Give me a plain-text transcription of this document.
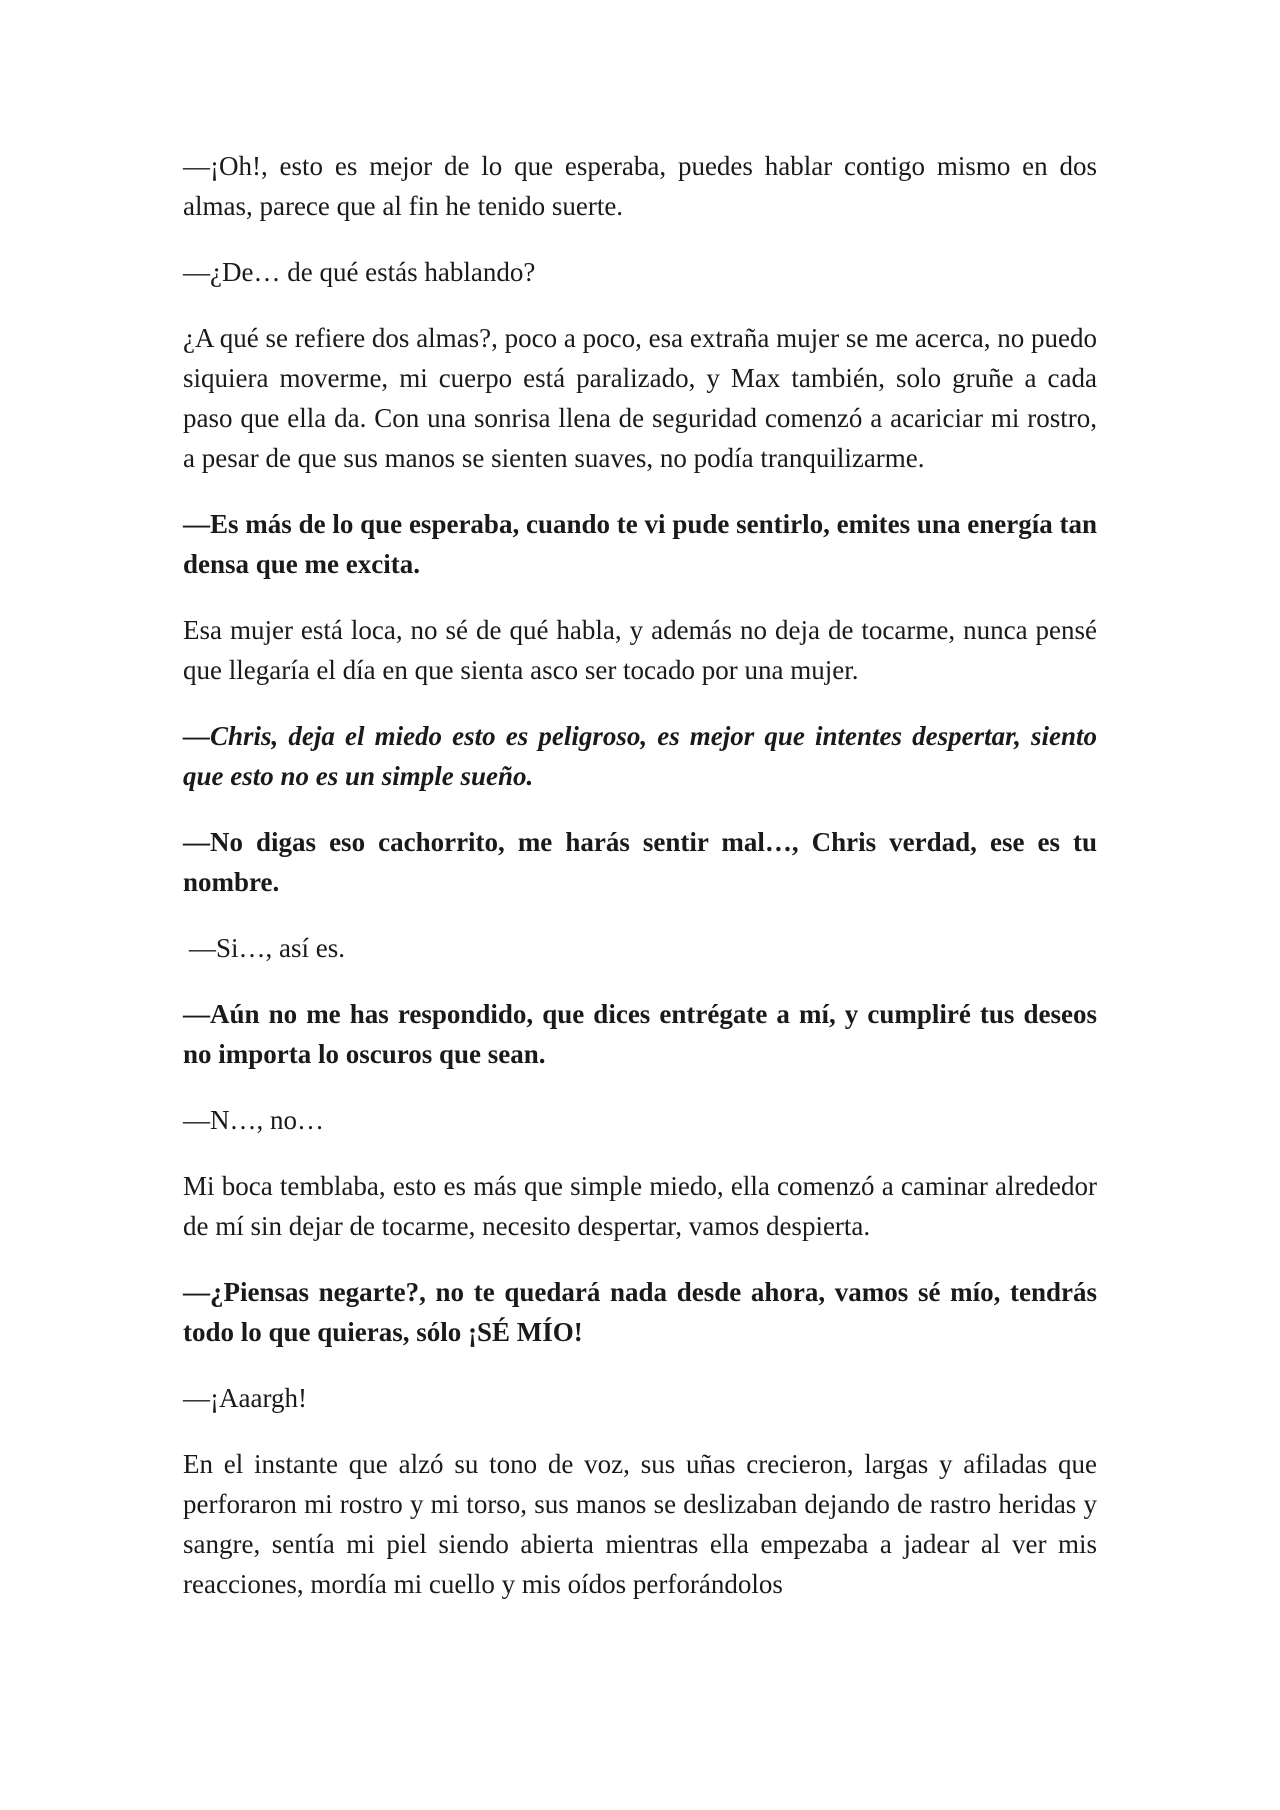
—¡Oh!, esto es mejor de lo que esperaba, puedes hablar contigo mismo en dos almas, parece que al fin he tenido suerte.

—¿De… de qué estás hablando?

¿A qué se refiere dos almas?, poco a poco, esa extraña mujer se me acerca, no puedo siquiera moverme, mi cuerpo está paralizado, y Max también, solo gruñe a cada paso que ella da. Con una sonrisa llena de seguridad comenzó a acariciar mi rostro, a pesar de que sus manos se sienten suaves, no podía tranquilizarme.

—Es más de lo que esperaba, cuando te vi pude sentirlo, emites una energía tan densa que me excita.

Esa mujer está loca, no sé de qué habla, y además no deja de tocarme, nunca pensé que llegaría el día en que sienta asco ser tocado por una mujer.

—Chris, deja el miedo esto es peligroso, es mejor que intentes despertar, siento que esto no es un simple sueño.

—No digas eso cachorrito, me harás sentir mal…, Chris verdad, ese es tu nombre.

—Si…, así es.

—Aún no me has respondido, que dices entrégate a mí, y cumpliré tus deseos no importa lo oscuros que sean.

—N…, no…

Mi boca temblaba, esto es más que simple miedo, ella comenzó a caminar alrededor de mí sin dejar de tocarme, necesito despertar, vamos despierta.

—¿Piensas negarte?, no te quedará nada desde ahora, vamos sé mío, tendrás todo lo que quieras, sólo ¡SÉ MÍO!

—¡Aaargh!

En el instante que alzó su tono de voz, sus uñas crecieron, largas y afiladas que perforaron mi rostro y mi torso, sus manos se deslizaban dejando de rastro heridas y sangre, sentía mi piel siendo abierta mientras ella empezaba a jadear al ver mis reacciones, mordía mi cuello y mis oídos perforándolos
